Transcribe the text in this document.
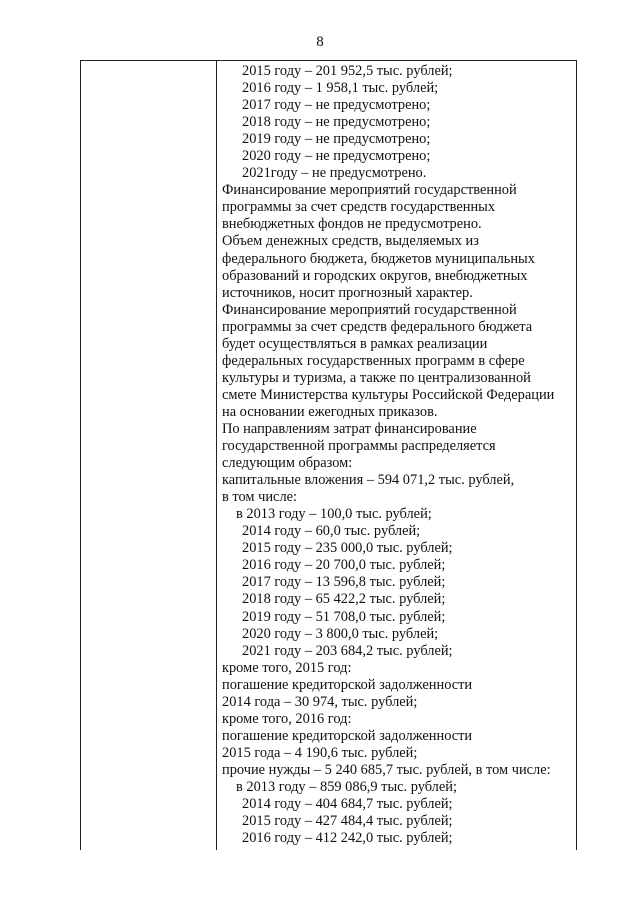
8
2015 году – 201 952,5 тыс. рублей;
2016 году – 1 958,1 тыс. рублей;
2017 году – не предусмотрено;
2018 году – не предусмотрено;
2019 году – не предусмотрено;
2020 году – не предусмотрено;
2021году – не предусмотрено.
Финансирование мероприятий государственной
программы за счет средств государственных
внебюджетных фондов не предусмотрено.
Объем денежных средств, выделяемых из
федерального бюджета, бюджетов муниципальных
образований и городских округов, внебюджетных
источников, носит прогнозный характер.
Финансирование мероприятий государственной
программы за счет средств федерального бюджета
будет осуществляться в рамках реализации
федеральных государственных программ в сфере
культуры и туризма, а также по централизованной
смете Министерства культуры Российской Федерации
на основании ежегодных приказов.
По направлениям затрат финансирование
государственной программы распределяется
следующим образом:
капитальные вложения – 594 071,2 тыс. рублей,
в том числе:
в 2013 году – 100,0 тыс. рублей;
2014 году – 60,0 тыс. рублей;
2015 году – 235 000,0 тыс. рублей;
2016 году – 20 700,0 тыс. рублей;
2017 году – 13 596,8 тыс. рублей;
2018 году – 65 422,2 тыс. рублей;
2019 году – 51 708,0 тыс. рублей;
2020 году – 3 800,0 тыс. рублей;
2021 году – 203 684,2 тыс. рублей;
кроме того, 2015 год:
погашение кредиторской задолженности
2014 года – 30 974, тыс. рублей;
кроме того, 2016 год:
погашение кредиторской задолженности
2015 года – 4 190,6 тыс. рублей;
прочие нужды – 5 240 685,7 тыс. рублей, в том числе:
в 2013 году – 859 086,9 тыс. рублей;
2014 году – 404 684,7 тыс. рублей;
2015 году – 427 484,4 тыс. рублей;
2016 году – 412 242,0 тыс. рублей;
